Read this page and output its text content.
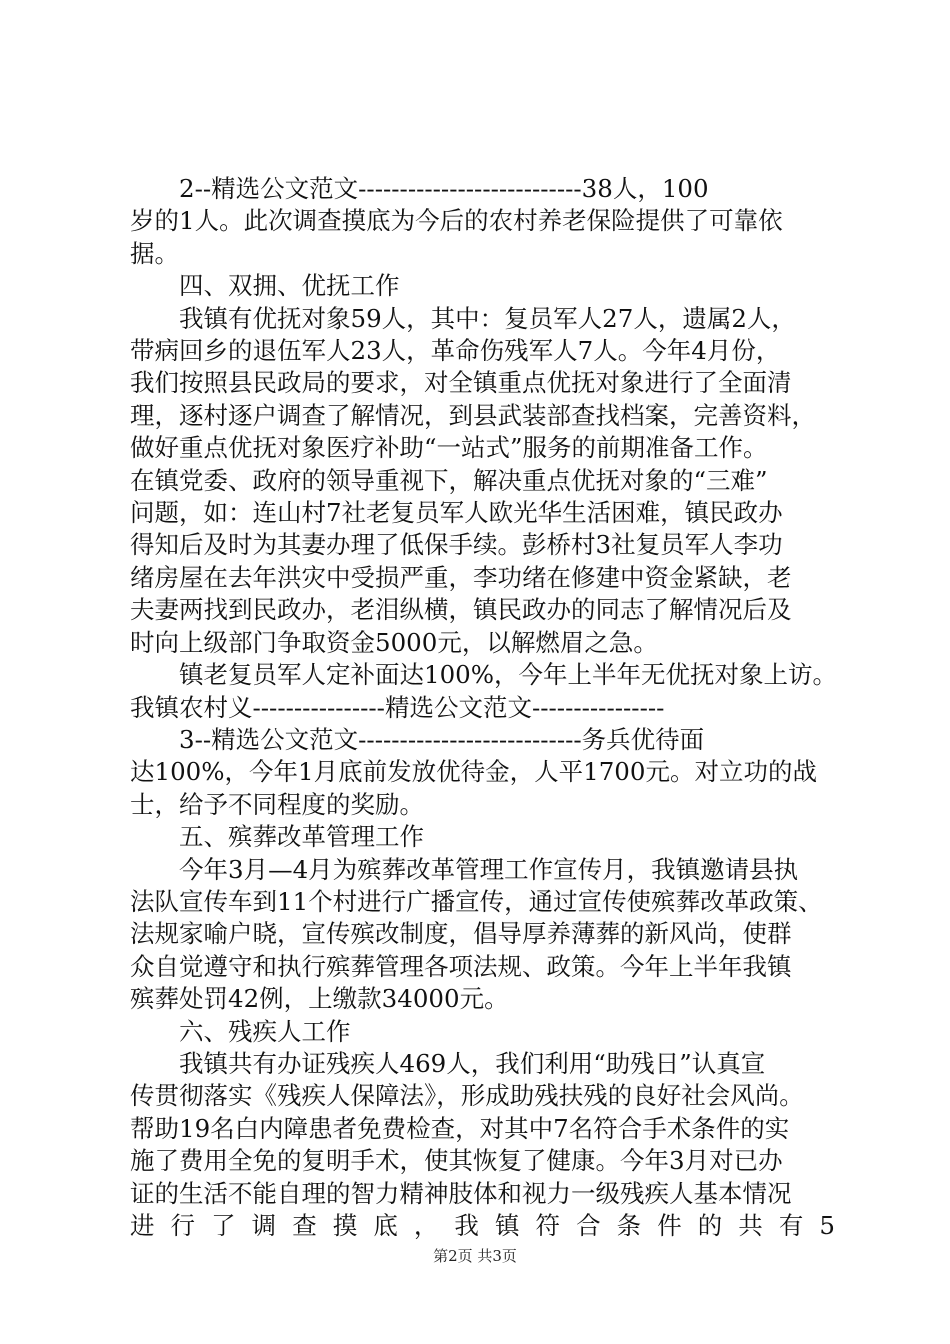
2--精选公文范文---------------------------38人，100
岁的1人。此次调查摸底为今后的农村养老保险提供了可靠依
据。
四、双拥、优抚工作
我镇有优抚对象59人，其中：复员军人27人，遗属2人，
带病回乡的退伍军人23人，革命伤残军人7人。今年4月份，
我们按照县民政局的要求，对全镇重点优抚对象进行了全面清
理，逐村逐户调查了解情况，到县武装部查找档案，完善资料，
做好重点优抚对象医疗补助“一站式”服务的前期准备工作。
在镇党委、政府的领导重视下，解决重点优抚对象的“三难”
问题，如：连山村7社老复员军人欧光华生活困难，镇民政办
得知后及时为其妻办理了低保手续。彭桥村3社复员军人李功
绪房屋在去年洪灾中受损严重，李功绪在修建中资金紧缺，老
夫妻两找到民政办，老泪纵横，镇民政办的同志了解情况后及
时向上级部门争取资金5000元，以解燃眉之急。
镇老复员军人定补面达100%，今年上半年无优抚对象上访。
我镇农村义----------------精选公文范文----------------
3--精选公文范文---------------------------务兵优待面
达100%，今年1月底前发放优待金，人平1700元。对立功的战
士，给予不同程度的奖励。
五、殡葬改革管理工作
今年3月—4月为殡葬改革管理工作宣传月，我镇邀请县执
法队宣传车到11个村进行广播宣传，通过宣传使殡葬改革政策、
法规家喻户晓，宣传殡改制度，倡导厚养薄葬的新风尚，使群
众自觉遵守和执行殡葬管理各项法规、政策。今年上半年我镇
殡葬处罚42例，上缴款34000元。
六、残疾人工作
我镇共有办证残疾人469人，我们利用“助残日”认真宣
传贯彻落实《残疾人保障法》，形成助残扶残的良好社会风尚。
帮助19名白内障患者免费检查，对其中7名符合手术条件的实
施了费用全免的复明手术，使其恢复了健康。今年3月对已办
证的生活不能自理的智力精神肢体和视力一级残疾人基本情况
进行了调查摸底，我镇符合条件的共有5
第2页 共3页
